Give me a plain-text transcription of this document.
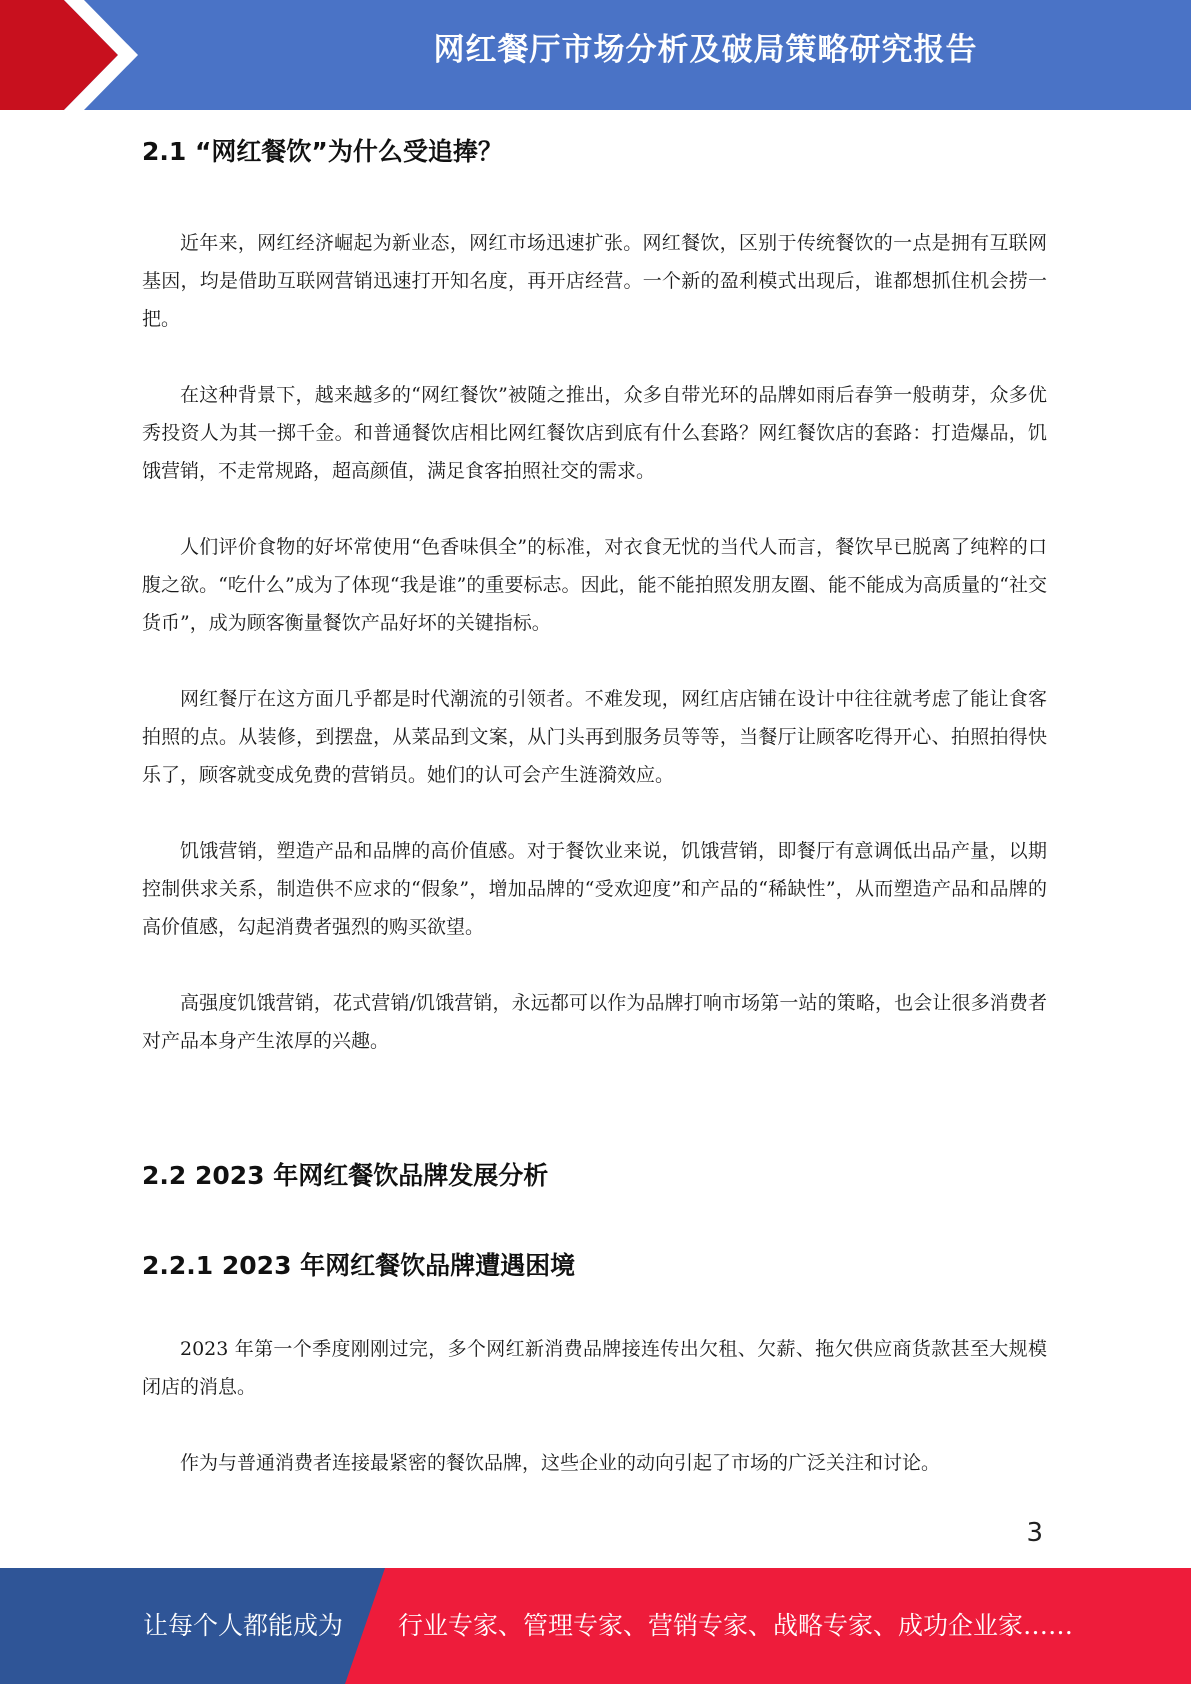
网红餐厅市场分析及破局策略研究报告
2.1 “网红餐饮”为什么受追捧？

近年来，网红经济崛起为新业态，网红市场迅速扩张。网红餐饮，区别于传统餐饮的一点是拥有互联网基因，均是借助互联网营销迅速打开知名度，再开店经营。一个新的盈利模式出现后，谁都想抓住机会捞一把。

在这种背景下，越来越多的“网红餐饮”被随之推出，众多自带光环的品牌如雨后春笋一般萌芽，众多优秀投资人为其一掷千金。和普通餐饮店相比网红餐饮店到底有什么套路？网红餐饮店的套路：打造爆品，饥饿营销，不走常规路，超高颜值，满足食客拍照社交的需求。

人们评价食物的好坏常使用“色香味俱全”的标准，对衣食无忧的当代人而言，餐饮早已脱离了纯粹的口腹之欲。“吃什么”成为了体现“我是谁”的重要标志。因此，能不能拍照发朋友圈、能不能成为高质量的“社交货币”，成为顾客衡量餐饮产品好坏的关键指标。

网红餐厅在这方面几乎都是时代潮流的引领者。不难发现，网红店店铺在设计中往往就考虑了能让食客拍照的点。从装修，到摆盘，从菜品到文案，从门头再到服务员等等，当餐厅让顾客吃得开心、拍照拍得快乐了，顾客就变成免费的营销员。她们的认可会产生涟漪效应。

饥饿营销，塑造产品和品牌的高价值感。对于餐饮业来说，饥饿营销，即餐厅有意调低出品产量，以期控制供求关系，制造供不应求的“假象”，增加品牌的“受欢迎度”和产品的“稀缺性”，从而塑造产品和品牌的高价值感，勾起消费者强烈的购买欲望。

高强度饥饿营销，花式营销/饥饿营销，永远都可以作为品牌打响市场第一站的策略，也会让很多消费者对产品本身产生浓厚的兴趣。

2.2 2023 年网红餐饮品牌发展分析
2.2.1 2023 年网红餐饮品牌遭遇困境

2023 年第一个季度刚刚过完，多个网红新消费品牌接连传出欠租、欠薪、拖欠供应商货款甚至大规模闭店的消息。

作为与普通消费者连接最紧密的餐饮品牌，这些企业的动向引起了市场的广泛关注和讨论。

3
让每个人都能成为 行业专家、管理专家、营销专家、战略专家、成功企业家……
